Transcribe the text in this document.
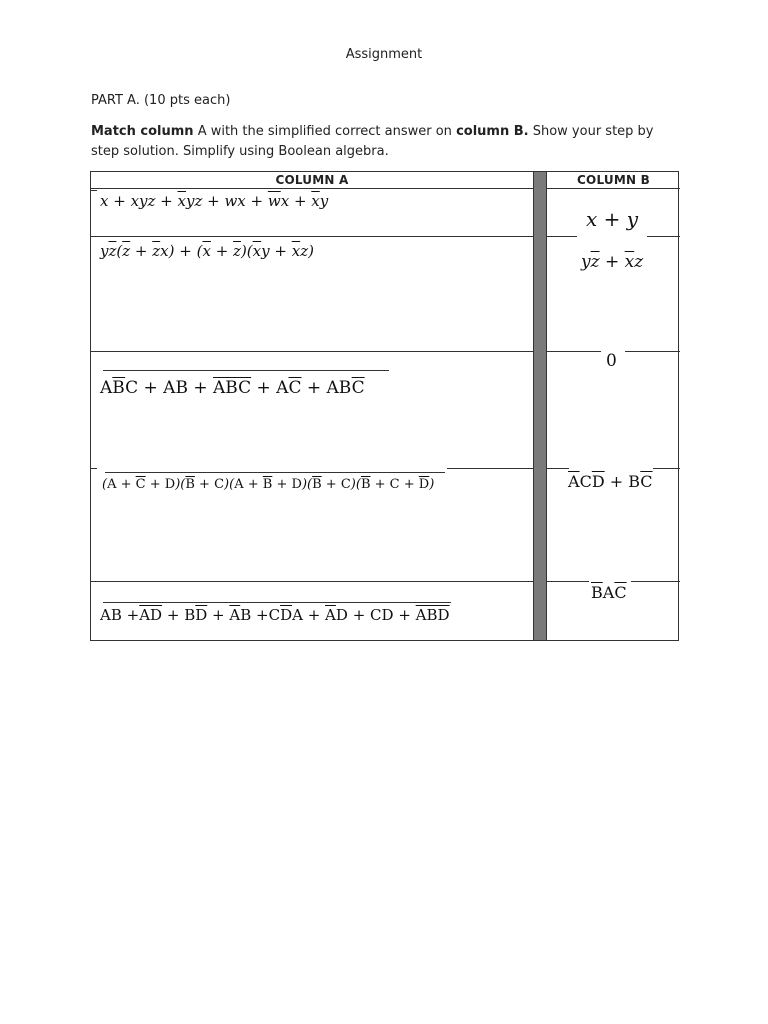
Assignment
PART A. (10 pts each)
Match column A with the simplified correct answer on column B. Show your step by step solution. Simplify using Boolean algebra.
COLUMN A	COLUMN B
x + xyz + $\overline{x}yz$ + wx + $\overline{w}x + \overline{x}y$
$y\overline{z}(\overline{z} + \overline{z}x) + (\overline{x} + \overline{z})(\overline{x}y + \overline{x}z)$
$A\overline{B}C$ + AB + $\overline{ABC} + A\overline{C} + AB\overline{C}$
$(A + \overline{C} + D)(\overline{B} + C)(A + \overline{B} + D)(\overline{B} + C)(\overline{B} + C + \overline{D})$
AB $+\overline{A}\overline{D} + B\overline{D} + \overline{A}B +C\overline{D}A + \overline{A}D$ + CD + $\overline{A}\overline{B}\overline{D}$
x + y
$y\overline{z} + \overline{x}z$
0
$\overline{A}C\overline{D} + B\overline{C}$
$\overline{B}A\overline{C}$
